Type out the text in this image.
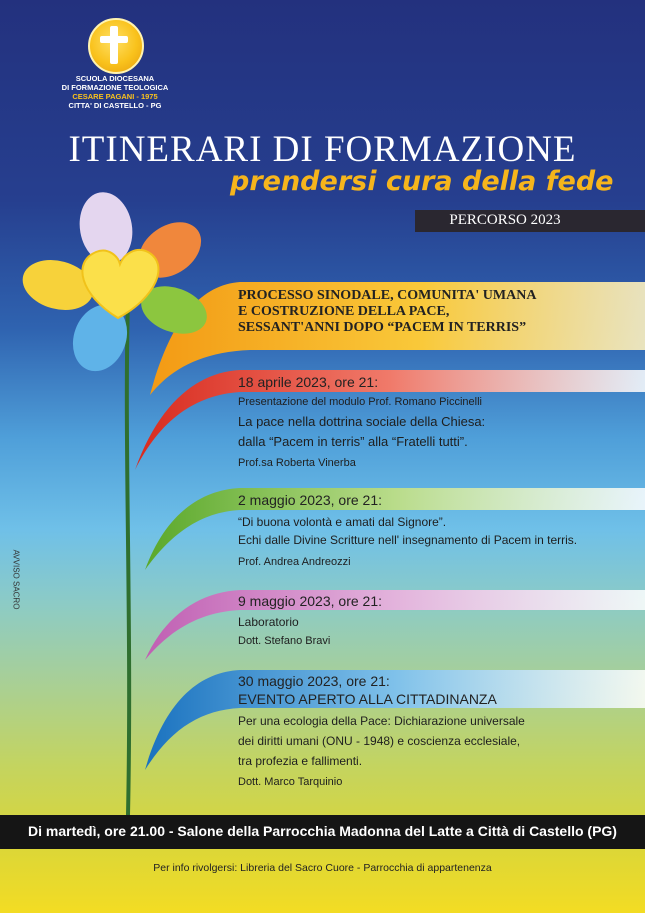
SCUOLA DIOCESANA
DI FORMAZIONE TEOLOGICA
CESARE PAGANI - 1975
CITTA' DI CASTELLO - PG
ITINERARI DI FORMAZIONE
prendersi cura della fede
PERCORSO 2023
AVVISO SACRO
PROCESSO SINODALE, COMUNITA' UMANA
E COSTRUZIONE DELLA PACE,
SESSANT'ANNI DOPO “PACEM IN TERRIS”
18 aprile 2023, ore 21:
Presentazione del modulo Prof. Romano Piccinelli
La pace nella dottrina sociale della Chiesa:
dalla “Pacem in terris” alla “Fratelli tutti”.
Prof.sa Roberta Vinerba
2 maggio 2023, ore 21:
“Di buona volontà e amati dal Signore”.
Echi dalle Divine Scritture nell' insegnamento di Pacem in terris.
Prof. Andrea Andreozzi
9 maggio 2023, ore 21:
Laboratorio
Dott. Stefano Bravi
30 maggio 2023, ore 21:
EVENTO APERTO ALLA CITTADINANZA
Per una ecologia della Pace: Dichiarazione universale
dei diritti umani (ONU - 1948) e coscienza ecclesiale,
tra profezia e fallimenti.
Dott. Marco Tarquinio
Di martedì, ore 21.00 - Salone della Parrocchia Madonna del Latte a Città di Castello (PG)
Per info rivolgersi: Libreria del Sacro Cuore - Parrocchia di appartenenza
